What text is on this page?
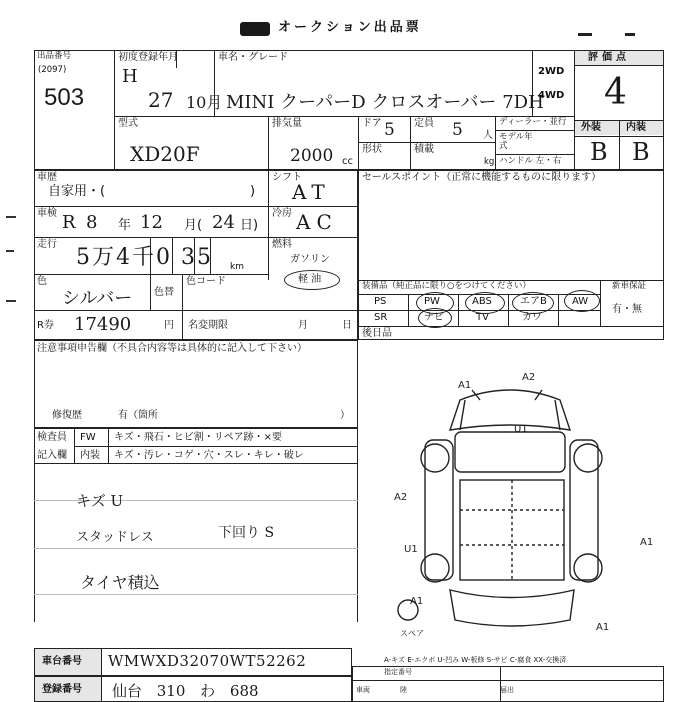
オークション出品票
出品番号
(2097)
503
初度登録年月
H
27 10月
車名・グレード
MINI クーパーD クロスオーバー 7DH
2WD
4WD
評価点
4
外装	内装
B B
型式
XD20F
排気量
2000 cc
ドア 5 定員 5 人
形状	積載
kg
ディーラー・並行
モデル年式
ハンドル 左・右
車歴
自家用・(	)
シフト
AT
車検 R 8 年 12 月( 24 日)
冷房 AC
走行
5万4千0 35 km
燃料
ガソリン
軽 油
色
シルバー 色替
色コード
R券 17490	円 名変期限	月	日
セールスポイント（正常に機能するものに限ります）
装備品（純正品に限り○をつけてください）	新車保証
有・無
PS	PW	ABS	エアB	AW
SR	ナビ	TV	カワ
後日品
注意事項申告欄（不具合内容等は具体的に記入して下さい）
修復歴	有（箇所	）
検査員
記入欄
FW キズ・飛石・ヒビ割・リペア跡・×要
内装 キズ・汚レ・コゲ・穴・スレ・キレ・破レ
キズ U
スタッドレス	下回り S
タイヤ積込
A1
A2
U1
A2
A1
U1
A1
A1
スペア
A-キズ E-エクボ U-凹み W-板修 S-サビ C-腐食 XX-交換済
車台番号 WMWXD32070WT52262
登録番号 仙台 310 わ 688
指定番号
車両	陸	届出
